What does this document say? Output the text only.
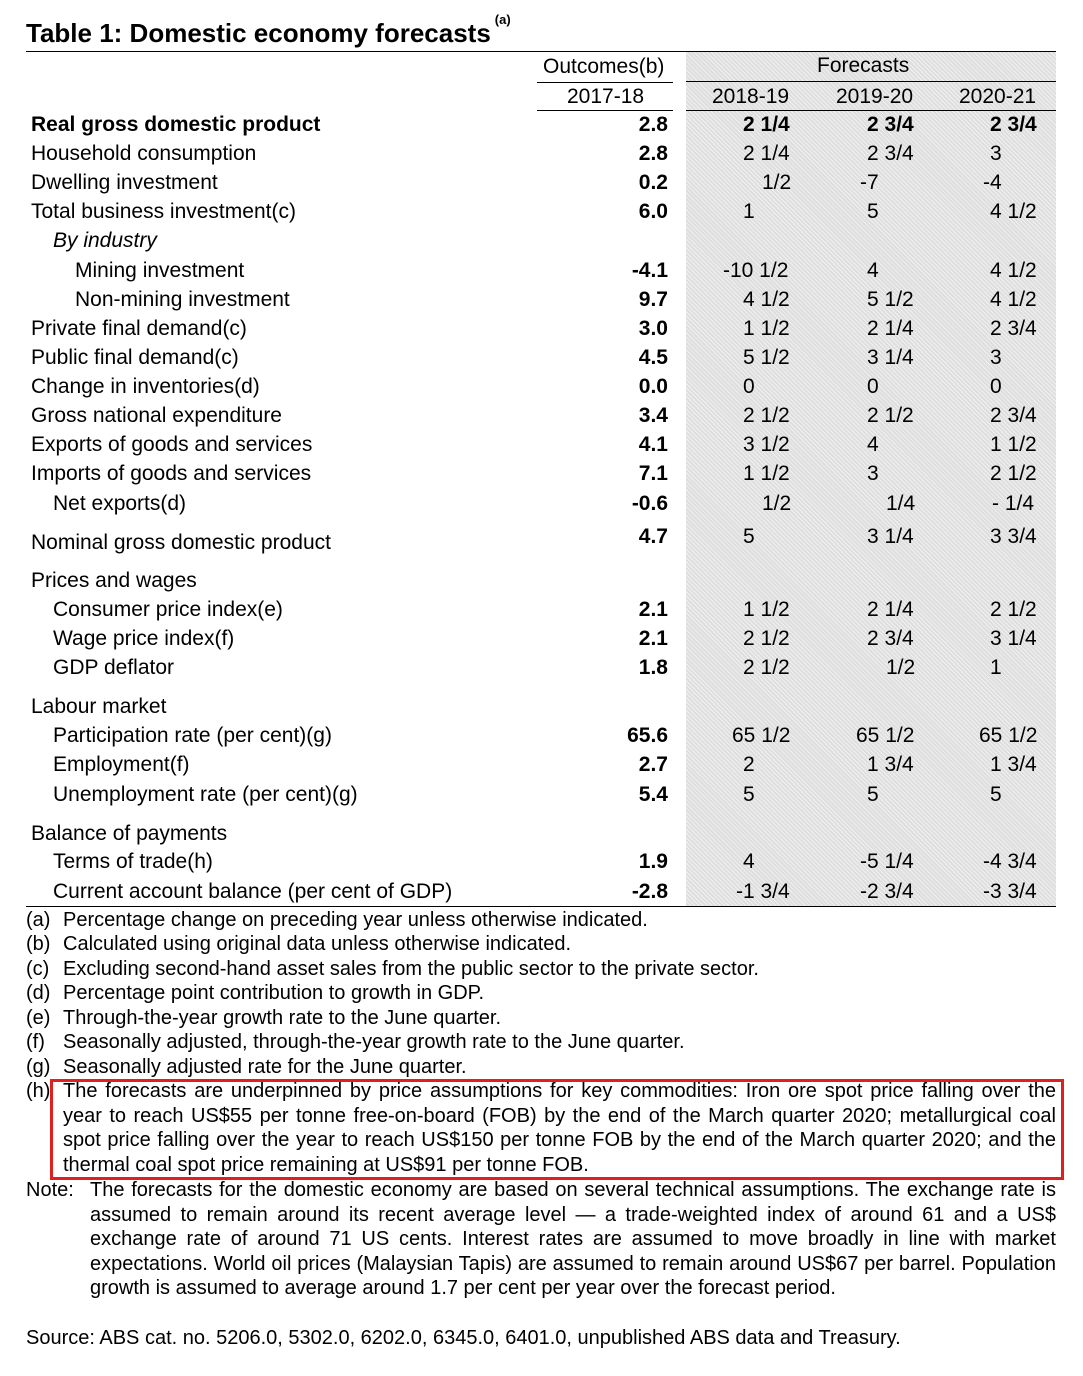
Table 1: Domestic economy forecasts $^{(a)}$
Outcomes(b)	Forecasts
2017-18	2018-19 2019-20 2020-21
Real gross domestic product	2.8	2 1/4	2 3/4	2 3/4
Household consumption	2.8	2 1/4	2 3/4	3
Dwelling investment	0.2	1/2	-7	-4
Total business investment(c)	6.0	1	5	4 1/2
By industry
Mining investment	-4.1	-10 1/2	4	4 1/2
Non-mining investment	9.7	4 1/2	5 1/2	4 1/2
Private final demand(c)	3.0	1 1/2	2 1/4	2 3/4
Public final demand(c)	4.5	5 1/2	3 1/4	3
Change in inventories(d)	0.0	0	0	0
Gross national expenditure	3.4	2 1/2	2 1/2	2 3/4
Exports of goods and services	4.1	3 1/2	4	1 1/2
Imports of goods and services	7.1	1 1/2	3	2 1/2
Net exports(d)	-0.6	1/2	1/4	- 1/4
Nominal gross domestic product	4.7	5	3 1/4	3 3/4
Prices and wages
Consumer price index(e)	2.1	1 1/2	2 1/4	2 1/2
Wage price index(f)	2.1	2 1/2	2 3/4	3 1/4
GDP deflator	1.8	2 1/2	1/2	1
Labour market
Participation rate (per cent)(g)	65.6	65 1/2	65 1/2	65 1/2
Employment(f)	2.7	2	1 3/4	1 3/4
Unemployment rate (per cent)(g)	5.4	5	5	5
Balance of payments
Terms of trade(h)	1.9	4	-5 1/4	-4 3/4
Current account balance (per cent of GDP)	-2.8	-1 3/4	-2 3/4	-3 3/4
(a) Percentage change on preceding year unless otherwise indicated.
(b) Calculated using original data unless otherwise indicated.
(c) Excluding second-hand asset sales from the public sector to the private sector.
(d) Percentage point contribution to growth in GDP.
(e) Through-the-year growth rate to the June quarter.
(f) Seasonally adjusted, through-the-year growth rate to the June quarter.
(g) Seasonally adjusted rate for the June quarter.
(h) The forecasts are underpinned by price assumptions for key commodities: Iron ore spot price falling over the year to reach US$55 per tonne free-on-board (FOB) by the end of the March quarter 2020; metallurgical coal spot price falling over the year to reach US$150 per tonne FOB by the end of the March quarter 2020; and the thermal coal spot price remaining at US$91 per tonne FOB.
Note: The forecasts for the domestic economy are based on several technical assumptions. The exchange rate is assumed to remain around its recent average level — a trade-weighted index of around 61 and a US$ exchange rate of around 71 US cents. Interest rates are assumed to move broadly in line with market expectations. World oil prices (Malaysian Tapis) are assumed to remain around US$67 per barrel. Population growth is assumed to average around 1.7 per cent per year over the forecast period.
Source: ABS cat. no. 5206.0, 5302.0, 6202.0, 6345.0, 6401.0, unpublished ABS data and Treasury.
